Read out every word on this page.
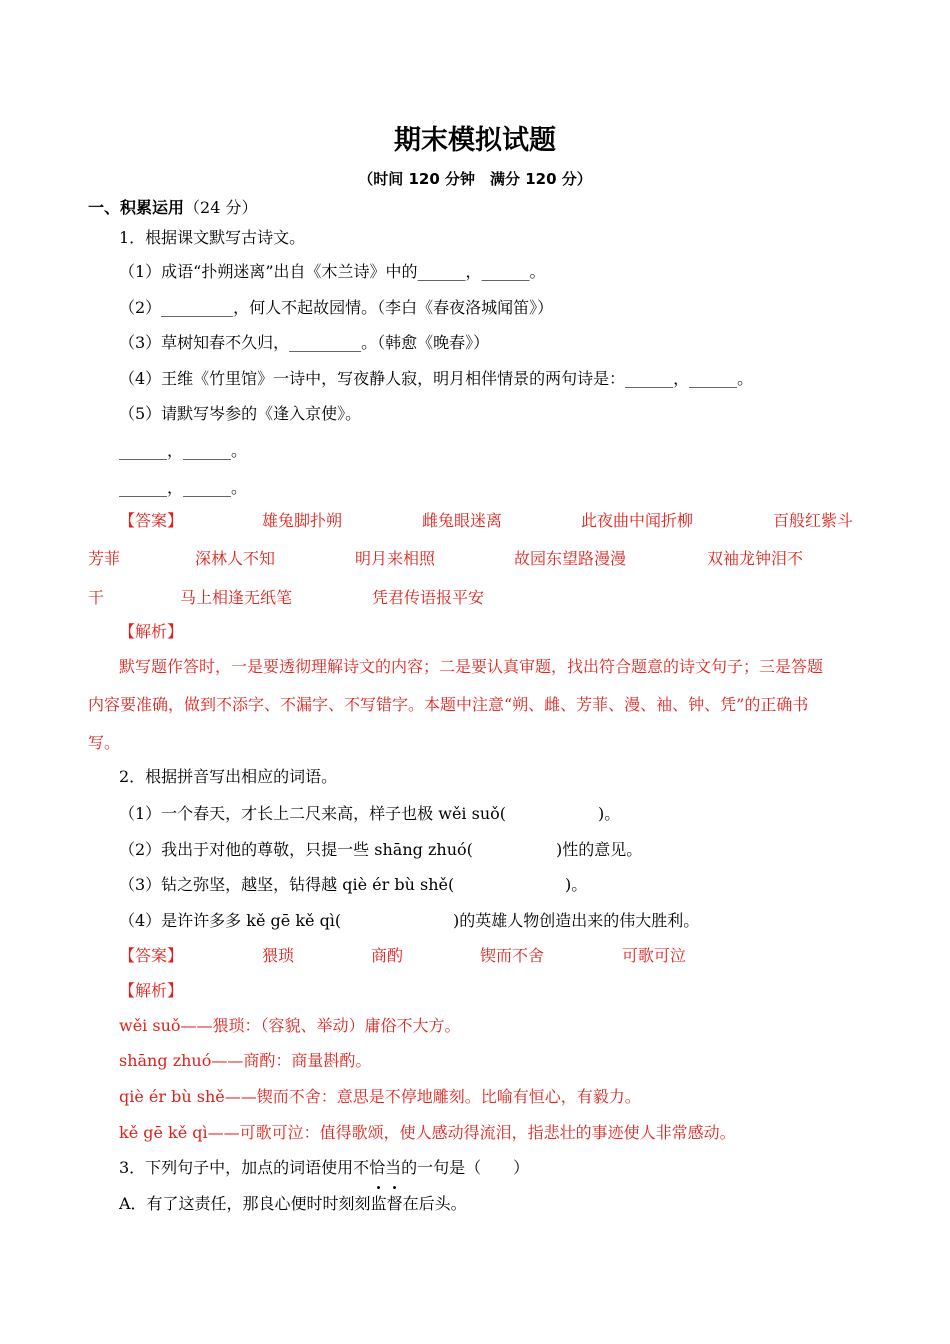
期末模拟试题
（时间 120 分钟　满分 120 分）
一、积累运用（24 分）
1．根据课文默写古诗文。
（1）成语“扑朔迷离”出自《木兰诗》中的______，______。
（2）_________，何人不起故园情。（李白《春夜洛城闻笛》）
（3）草树知春不久归，_________。（韩愈《晚春》）
（4）王维《竹里馆》一诗中，写夜静人寂，明月相伴情景的两句诗是：______，______。
（5）请默写岑参的《逢入京使》。
______，______。
______，______。
【答案】	雄兔脚扑朔	雌兔眼迷离	此夜曲中闻折柳	百般红紫斗
芳菲	深林人不知	明月来相照	故园东望路漫漫	双袖龙钟泪不
干	马上相逢无纸笔	凭君传语报平安
【解析】
默写题作答时，一是要透彻理解诗文的内容；二是要认真审题，找出符合题意的诗文句子；三是答题
内容要准确，做到不添字、不漏字、不写错字。本题中注意“朔、雌、芳菲、漫、袖、钟、凭”的正确书
写。
2．根据拼音写出相应的词语。
（1）一个春天，才长上二尺来高，样子也极 wěi suǒ(	)。
（2）我出于对他的尊敬，只提一些 shāng zhuó(	)性的意见。
（3）钻之弥坚，越坚，钻得越 qiè ér bù shě(	)。
（4）是许许多多 kě gē kě qì(	)的英雄人物创造出来的伟大胜利。
【答案】	猥琐	商酌	锲而不舍	可歌可泣
【解析】
wěi suǒ——猥琐：（容貌、举动）庸俗不大方。
shāng zhuó——商酌：商量斟酌。
qiè ér bù shě——锲而不舍：意思是不停地雕刻。比喻有恒心，有毅力。
kě gē kě qì——可歌可泣：值得歌颂，使人感动得流泪，指悲壮的事迹使人非常感动。
3．下列句子中，加点的词语使用不恰当的一句是（　　）
A．有了这责任，那良心便时时刻刻监督在后头。
